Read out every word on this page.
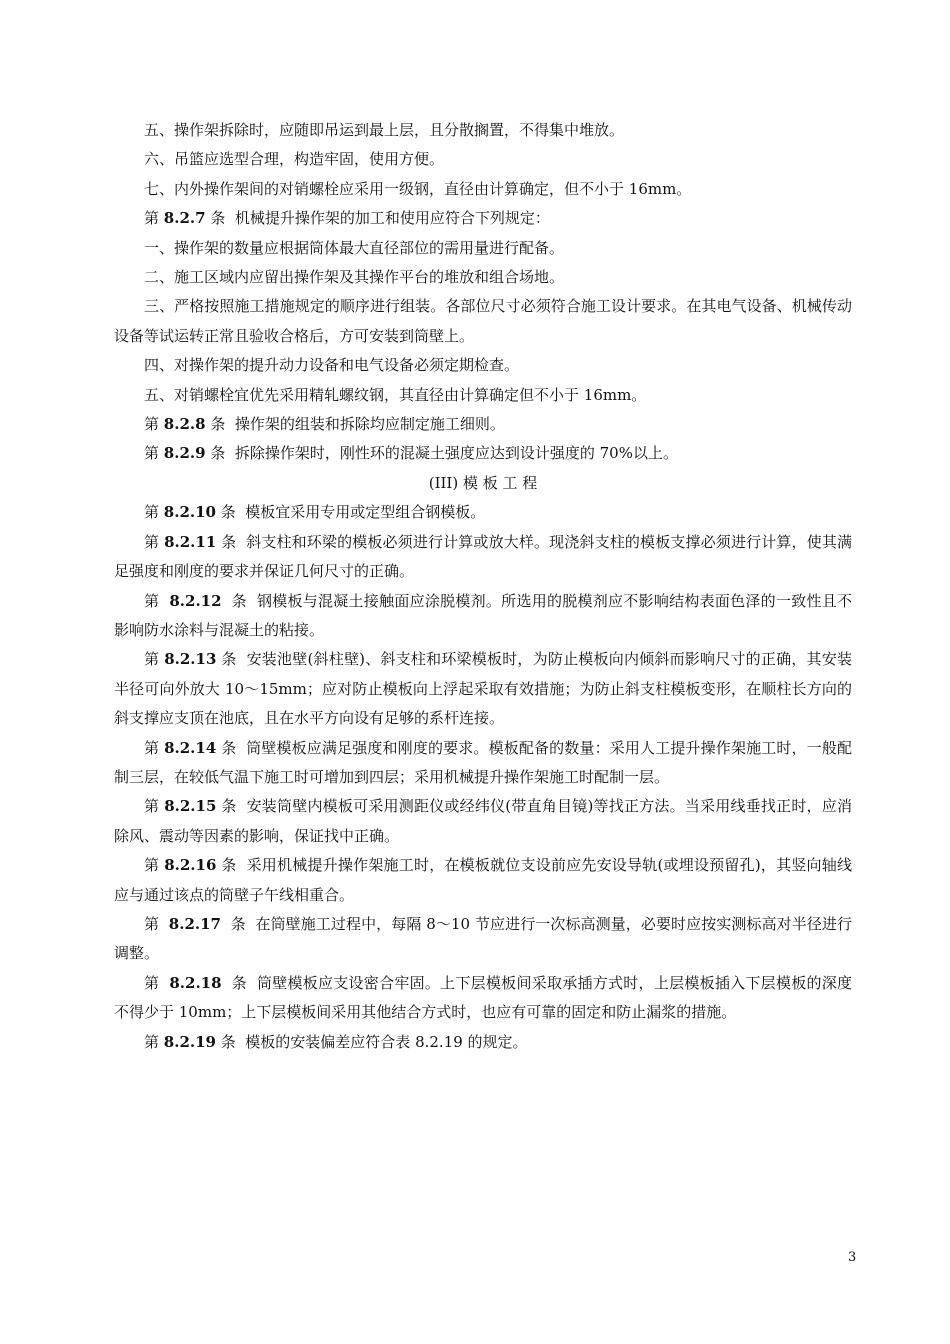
五、操作架拆除时，应随即吊运到最上层，且分散搁置，不得集中堆放。

六、吊篮应选型合理，构造牢固，使用方便。

七、内外操作架间的对销螺栓应采用一级钢，直径由计算确定，但不小于 16mm。

第 8.2.7 条  机械提升操作架的加工和使用应符合下列规定：

一、操作架的数量应根据筒体最大直径部位的需用量进行配备。

二、施工区域内应留出操作架及其操作平台的堆放和组合场地。

三、严格按照施工措施规定的顺序进行组装。各部位尺寸必须符合施工设计要求。在其电气设备、机械传动设备等试运转正常且验收合格后，方可安装到筒壁上。

四、对操作架的提升动力设备和电气设备必须定期检查。

五、对销螺栓宜优先采用精轧螺纹钢，其直径由计算确定但不小于 16mm。

第 8.2.8 条  操作架的组装和拆除均应制定施工细则。

第 8.2.9 条  拆除操作架时，刚性环的混凝土强度应达到设计强度的 70%以上。

(III) 模 板 工 程

第 8.2.10 条  模板宜采用专用或定型组合钢模板。

第 8.2.11 条  斜支柱和环梁的模板必须进行计算或放大样。现浇斜支柱的模板支撑必须进行计算，使其满足强度和刚度的要求并保证几何尺寸的正确。

第  8.2.12  条  钢模板与混凝土接触面应涂脱模剂。所选用的脱模剂应不影响结构表面色泽的一致性且不影响防水涂料与混凝土的粘接。

第 8.2.13 条  安装池壁(斜柱壁)、斜支柱和环梁模板时，为防止模板向内倾斜而影响尺寸的正确，其安装半径可向外放大 10～15mm；应对防止模板向上浮起采取有效措施；为防止斜支柱模板变形，在顺柱长方向的斜支撑应支顶在池底，且在水平方向设有足够的系杆连接。

第 8.2.14 条  筒壁模板应满足强度和刚度的要求。模板配备的数量：采用人工提升操作架施工时，一般配制三层，在较低气温下施工时可增加到四层；采用机械提升操作架施工时配制一层。

第 8.2.15 条  安装筒壁内模板可采用测距仪或经纬仪(带直角目镜)等找正方法。当采用线垂找正时，应消除风、震动等因素的影响，保证找中正确。

第 8.2.16 条  采用机械提升操作架施工时，在模板就位支设前应先安设导轨(或埋设预留孔)，其竖向轴线应与通过该点的筒壁子午线相重合。

第  8.2.17  条  在筒壁施工过程中，每隔 8～10 节应进行一次标高测量，必要时应按实测标高对半径进行调整。

第  8.2.18  条  筒壁模板应支设密合牢固。上下层模板间采取承插方式时，上层模板插入下层模板的深度不得少于 10mm；上下层模板间采用其他结合方式时，也应有可靠的固定和防止漏浆的措施。

第 8.2.19 条  模板的安装偏差应符合表 8.2.19 的规定。

3
